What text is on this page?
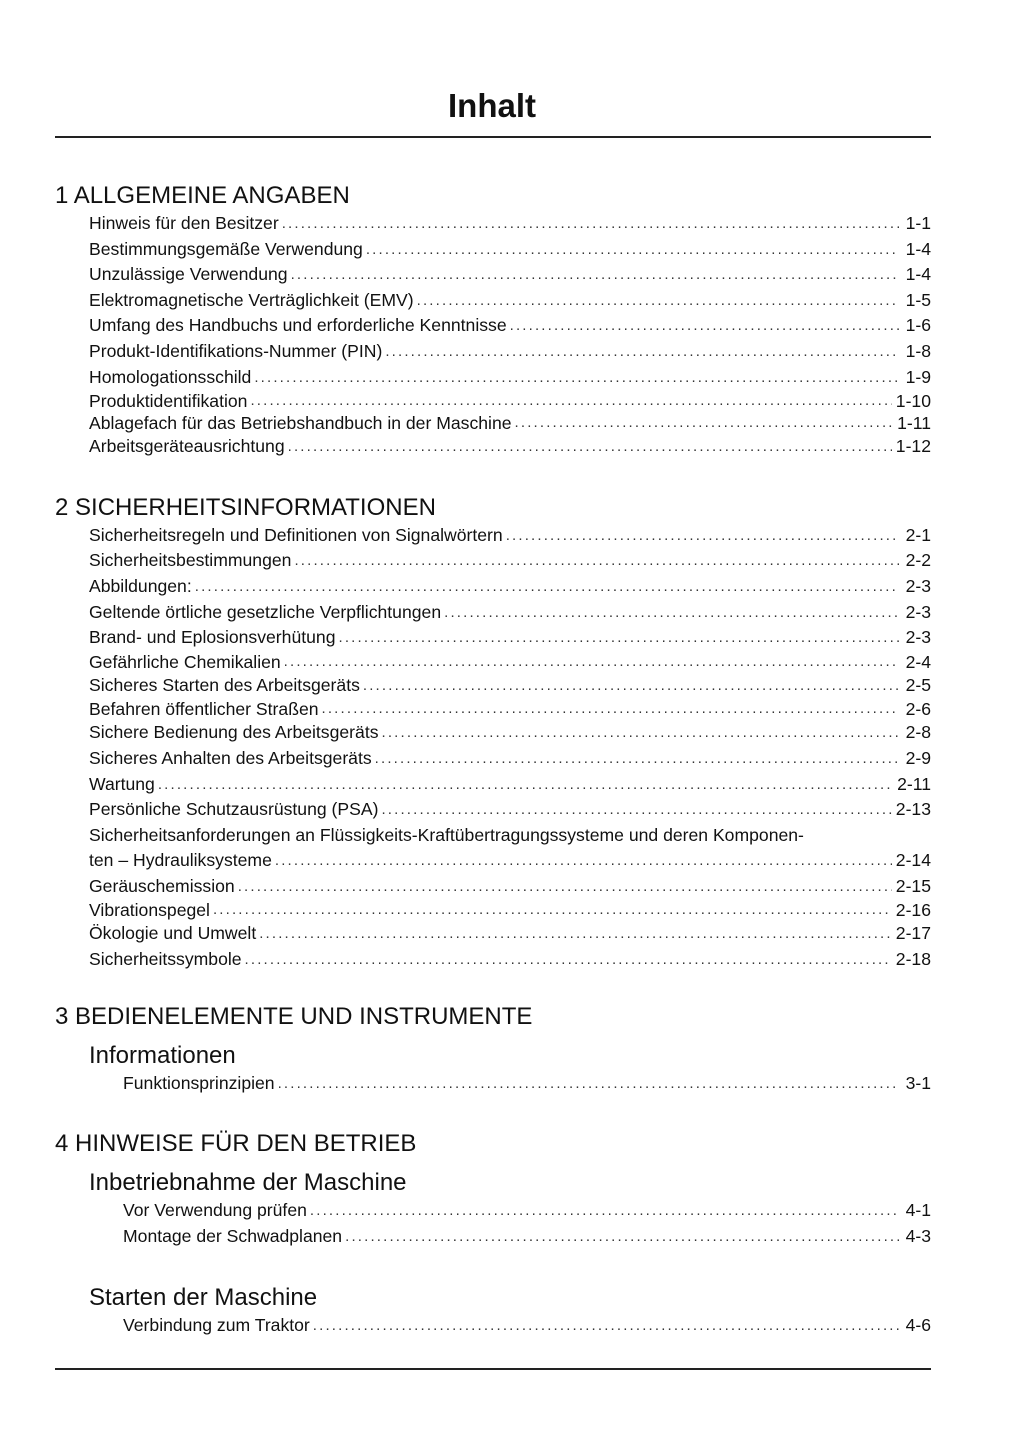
Inhalt
1 ALLGEMEINE ANGABEN
Hinweis für den Besitzer . . .	1-1
Bestimmungsgemäße Verwendung . . .	1-4
Unzulässige Verwendung . . .	1-4
Elektromagnetische Verträglichkeit (EMV) . . .	1-5
Umfang des Handbuchs und erforderliche Kenntnisse . . .	1-6
Produkt-Identifikations-Nummer (PIN) . . .	1-8
Homologationsschild . . .	1-9
Produktidentifikation . . .	1-10
Ablagefach für das Betriebshandbuch in der Maschine . . .	1-11
Arbeitsgeräteausrichtung . . .	1-12
2 SICHERHEITSINFORMATIONEN
Sicherheitsregeln und Definitionen von Signalwörtern . . .	2-1
Sicherheitsbestimmungen . . .	2-2
Abbildungen: . . .	2-3
Geltende örtliche gesetzliche Verpflichtungen . . .	2-3
Brand- und Eplosionsverhütung . . .	2-3
Gefährliche Chemikalien . . .	2-4
Sicheres Starten des Arbeitsgeräts . . .	2-5
Befahren öffentlicher Straßen . . .	2-6
Sichere Bedienung des Arbeitsgeräts . . .	2-8
Sicheres Anhalten des Arbeitsgeräts . . .	2-9
Wartung . . .	2-11
Persönliche Schutzausrüstung (PSA) . . .	2-13
Sicherheitsanforderungen an Flüssigkeits-Kraftübertragungssysteme und deren Komponen-
ten – Hydrauliksysteme . . .	2-14
Geräuschemission . . .	2-15
Vibrationspegel . . .	2-16
Ökologie und Umwelt . . .	2-17
Sicherheitssymbole . . .	2-18
3 BEDIENELEMENTE UND INSTRUMENTE
Informationen
Funktionsprinzipien . . .	3-1
4 HINWEISE FÜR DEN BETRIEB
Inbetriebnahme der Maschine
Vor Verwendung prüfen . . .	4-1
Montage der Schwadplanen . . .	4-3
Starten der Maschine
Verbindung zum Traktor . . .	4-6
